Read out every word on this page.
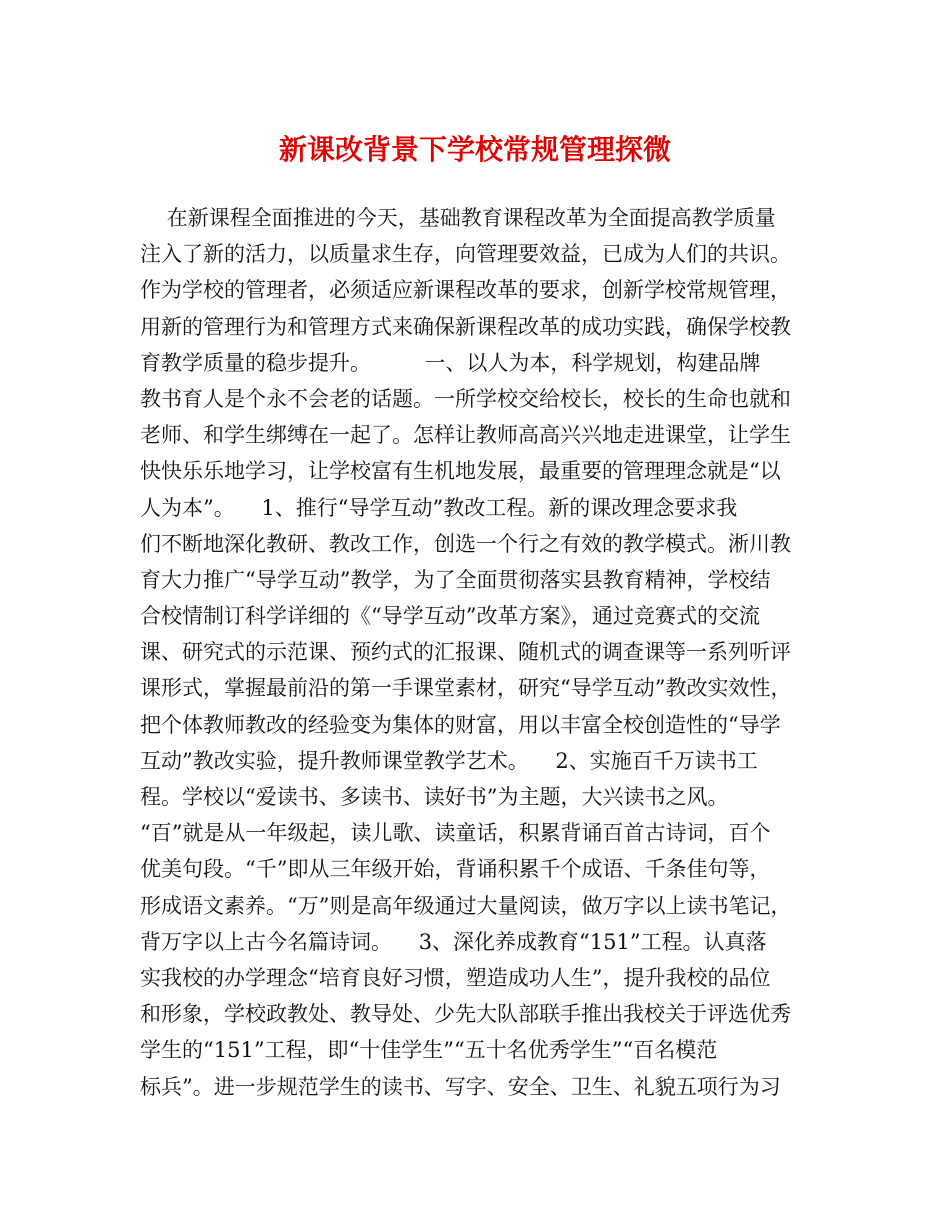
新课改背景下学校常规管理探微
在新课程全面推进的今天，基础教育课程改革为全面提高教学质量
注入了新的活力，以质量求生存，向管理要效益，已成为人们的共识。
作为学校的管理者，必须适应新课程改革的要求，创新学校常规管理，
用新的管理行为和管理方式来确保新课程改革的成功实践，确保学校教
育教学质量的稳步提升。        一、以人为本，科学规划，构建品牌
教书育人是个永不会老的话题。一所学校交给校长，校长的生命也就和
老师、和学生绑缚在一起了。怎样让教师高高兴兴地走进课堂，让学生
快快乐乐地学习，让学校富有生机地发展，最重要的管理理念就是“以
人为本”。    1、推行“导学互动”教改工程。新的课改理念要求我
们不断地深化教研、教改工作，创选一个行之有效的教学模式。淅川教
育大力推广“导学互动”教学，为了全面贯彻落实县教育精神，学校结
合校情制订科学详细的《“导学互动”改革方案》，通过竞赛式的交流
课、研究式的示范课、预约式的汇报课、随机式的调查课等一系列听评
课形式，掌握最前沿的第一手课堂素材，研究“导学互动”教改实效性，
把个体教师教改的经验变为集体的财富，用以丰富全校创造性的“导学
互动”教改实验，提升教师课堂教学艺术。    2、实施百千万读书工
程。学校以“爱读书、多读书、读好书”为主题，大兴读书之风。
“百”就是从一年级起，读儿歌、读童话，积累背诵百首古诗词，百个
优美句段。“千”即从三年级开始，背诵积累千个成语、千条佳句等，
形成语文素养。“万”则是高年级通过大量阅读，做万字以上读书笔记，
背万字以上古今名篇诗词。    3、深化养成教育“151”工程。认真落
实我校的办学理念“培育良好习惯，塑造成功人生”，提升我校的品位
和形象，学校政教处、教导处、少先大队部联手推出我校关于评选优秀
学生的“151”工程，即“十佳学生”“五十名优秀学生”“百名模范
标兵”。进一步规范学生的读书、写字、安全、卫生、礼貌五项行为习
